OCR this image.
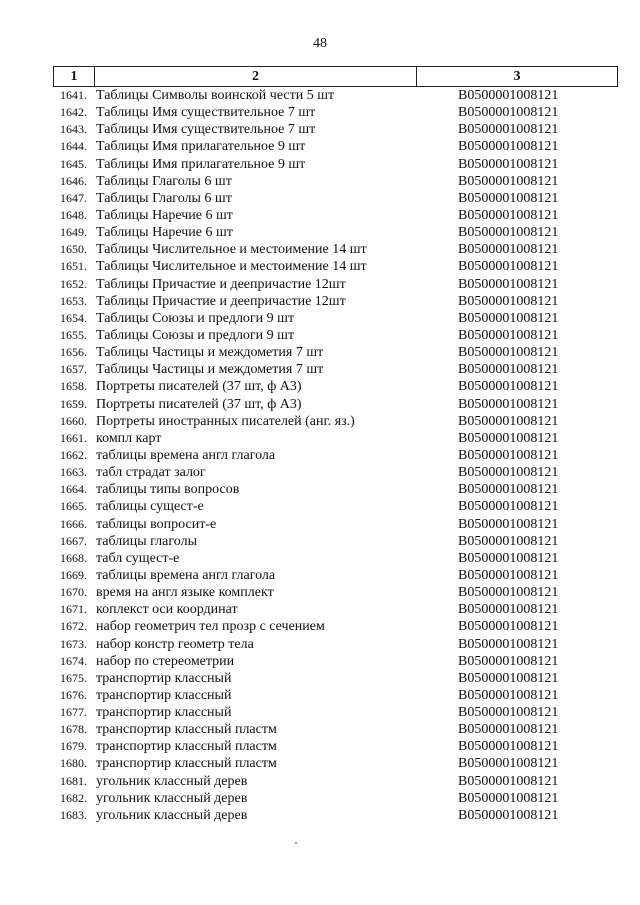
48
1	2	3
1641. Таблицы Символы воинской чести 5 шт	В0500001008121
1642. Таблицы Имя существительное 7 шт	В0500001008121
1643. Таблицы Имя существительное 7 шт	В0500001008121
1644. Таблицы Имя прилагательное 9 шт	В0500001008121
1645. Таблицы Имя прилагательное 9 шт	В0500001008121
1646. Таблицы Глаголы 6 шт	В0500001008121
1647. Таблицы Глаголы 6 шт	В0500001008121
1648. Таблицы Наречие 6 шт	В0500001008121
1649. Таблицы Наречие 6 шт	В0500001008121
1650. Таблицы Числительное и местоимение 14 шт	В0500001008121
1651. Таблицы Числительное и местоимение 14 шт	В0500001008121
1652. Таблицы Причастие и деепричастие 12шт	В0500001008121
1653. Таблицы Причастие и деепричастие 12шт	В0500001008121
1654. Таблицы Союзы и предлоги 9 шт	В0500001008121
1655. Таблицы Союзы и предлоги 9 шт	В0500001008121
1656. Таблицы Частицы и междометия 7 шт	В0500001008121
1657. Таблицы Частицы и междометия 7 шт	В0500001008121
1658. Портреты писателей (37 шт, ф А3)	В0500001008121
1659. Портреты писателей (37 шт, ф А3)	В0500001008121
1660. Портреты иностранных писателей (анг. яз.)	В0500001008121
1661. компл карт	В0500001008121
1662. таблицы времена англ глагола	В0500001008121
1663. табл страдат залог	В0500001008121
1664. таблицы типы вопросов	В0500001008121
1665. таблицы сущест-е	В0500001008121
1666. таблицы вопросит-е	В0500001008121
1667. таблицы глаголы	В0500001008121
1668. табл сущест-е	В0500001008121
1669. таблицы времена англ глагола	В0500001008121
1670. время на англ языке комплект	В0500001008121
1671. коплекст оси координат	В0500001008121
1672. набор геометрич тел прозр с сечением	В0500001008121
1673. набор констр геометр тела	В0500001008121
1674. набор по стереометрии	В0500001008121
1675. транспортир классный	В0500001008121
1676. транспортир классный	В0500001008121
1677. транспортир классный	В0500001008121
1678. транспортир классный пластм	В0500001008121
1679. транспортир классный пластм	В0500001008121
1680. транспортир классный пластм	В0500001008121
1681. угольник классный дерев	В0500001008121
1682. угольник классный дерев	В0500001008121
1683. угольник классный дерев	В0500001008121
